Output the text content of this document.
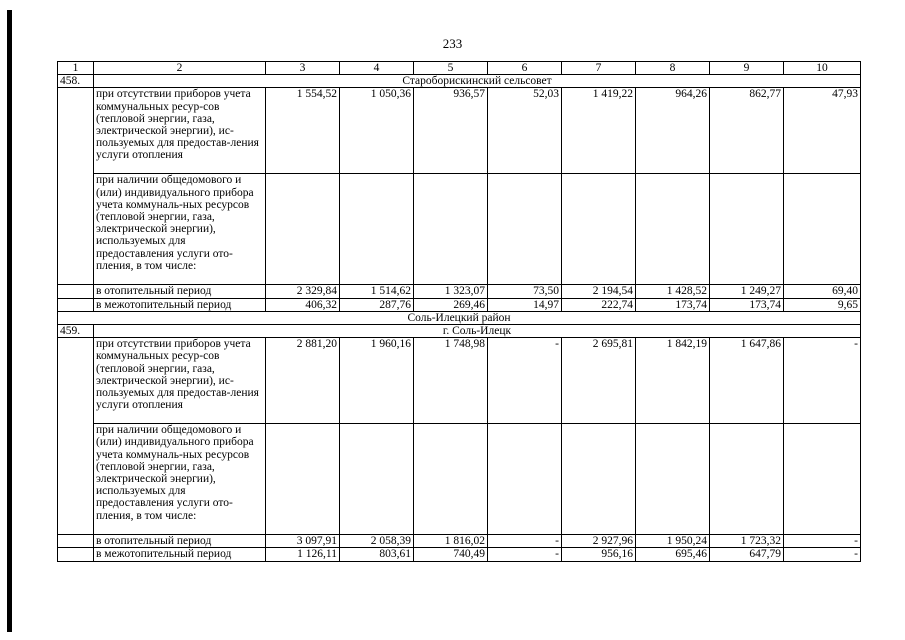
233
1	2	3	4	5	6	7	8	9	10
458.	Староборискинский сельсовет								
	при отсутствии приборов учета коммунальных ресур-сов (тепловой энергии, газа, электрической энергии), ис-пользуемых для предостав-ления услуги отопления	1 554,52	1 050,36	936,57	52,03	1 419,22	964,26	862,77	47,93
	при наличии общедомового и (или) индивидуального прибора учета коммуналь-ных ресурсов (тепловой энергии, газа, электрической энергии), используемых для предоставления услуги ото-пления, в том числе:								
	в отопительный период	2 329,84	1 514,62	1 323,07	73,50	2 194,54	1 428,52	1 249,27	69,40
	в межотопительный период	406,32	287,76	269,46	14,97	222,74	173,74	173,74	9,65
Соль-Илецкий район									
459.	г. Соль-Илецк								
	при отсутствии приборов учета коммунальных ресур-сов (тепловой энергии, газа, электрической энергии), ис-пользуемых для предостав-ления услуги отопления	2 881,20	1 960,16	1 748,98	-	2 695,81	1 842,19	1 647,86	-
	при наличии общедомового и (или) индивидуального прибора учета коммуналь-ных ресурсов (тепловой энергии, газа, электрической энергии), используемых для предоставления услуги ото-пления, в том числе:								
	в отопительный период	3 097,91	2 058,39	1 816,02	-	2 927,96	1 950,24	1 723,32	-
	в межотопительный период	1 126,11	803,61	740,49	-	956,16	695,46	647,79	-
